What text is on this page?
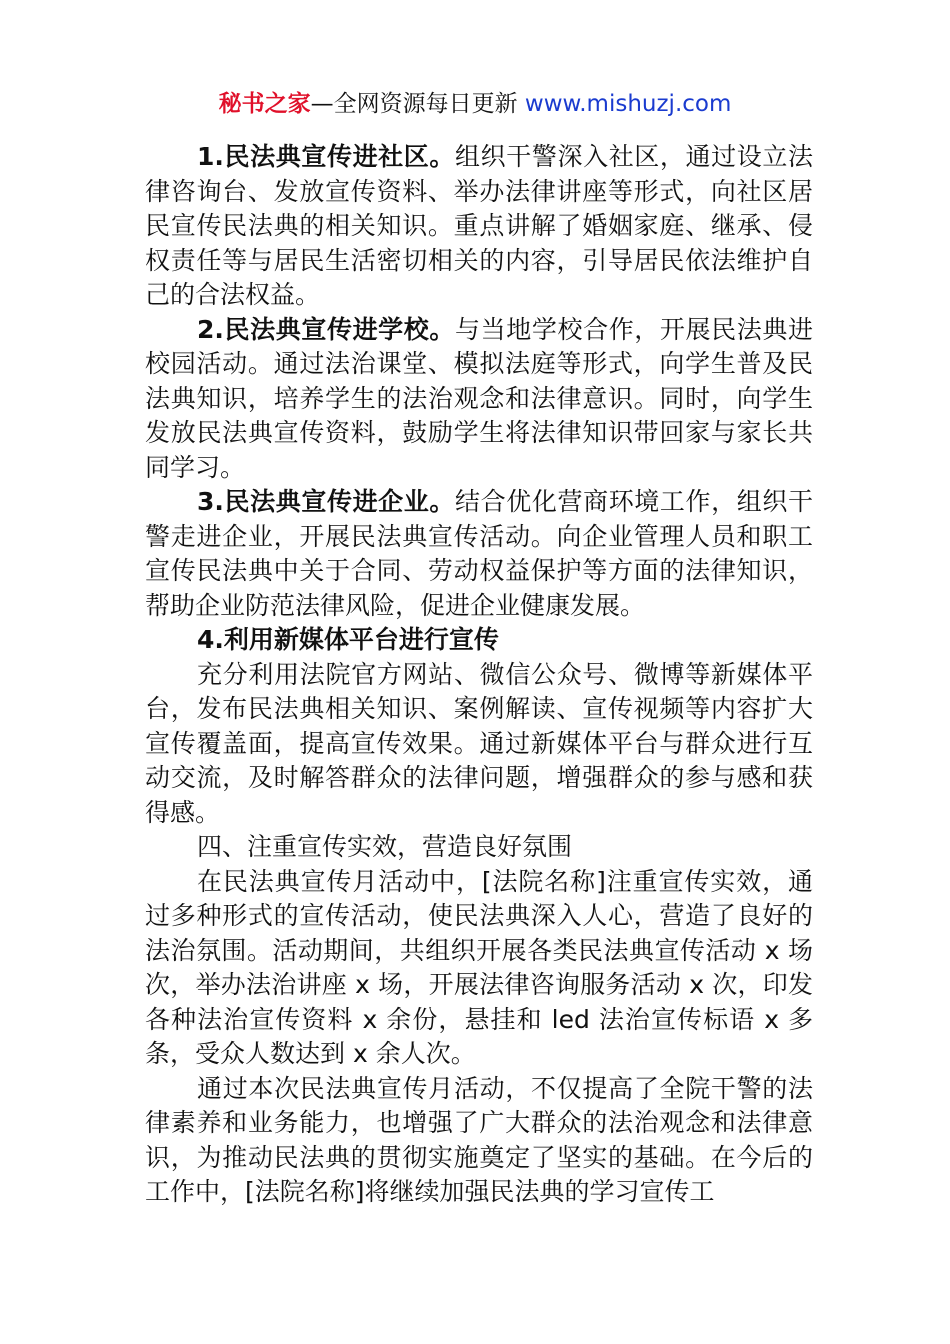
秘书之家—全网资源每日更新 www.mishuzj.com

1.民法典宣传进社区。组织干警深入社区，通过设立法律咨询台、发放宣传资料、举办法律讲座等形式，向社区居民宣传民法典的相关知识。重点讲解了婚姻家庭、继承、侵权责任等与居民生活密切相关的内容，引导居民依法维护自己的合法权益。

2.民法典宣传进学校。与当地学校合作，开展民法典进校园活动。通过法治课堂、模拟法庭等形式，向学生普及民法典知识，培养学生的法治观念和法律意识。同时，向学生发放民法典宣传资料，鼓励学生将法律知识带回家与家长共同学习。

3.民法典宣传进企业。结合优化营商环境工作，组织干警走进企业，开展民法典宣传活动。向企业管理人员和职工宣传民法典中关于合同、劳动权益保护等方面的法律知识，帮助企业防范法律风险，促进企业健康发展。

4.利用新媒体平台进行宣传

充分利用法院官方网站、微信公众号、微博等新媒体平台，发布民法典相关知识、案例解读、宣传视频等内容扩大宣传覆盖面，提高宣传效果。通过新媒体平台与群众进行互动交流，及时解答群众的法律问题，增强群众的参与感和获得感。

四、注重宣传实效，营造良好氛围

在民法典宣传月活动中，[法院名称]注重宣传实效，通过多种形式的宣传活动，使民法典深入人心，营造了良好的法治氛围。活动期间，共组织开展各类民法典宣传活动 x 场次，举办法治讲座 x 场，开展法律咨询服务活动 x 次，印发各种法治宣传资料 x 余份，悬挂和 led 法治宣传标语 x 多条，受众人数达到 x 余人次。

通过本次民法典宣传月活动，不仅提高了全院干警的法律素养和业务能力，也增强了广大群众的法治观念和法律意识，为推动民法典的贯彻实施奠定了坚实的基础。在今后的工作中，[法院名称]将继续加强民法典的学习宣传工
